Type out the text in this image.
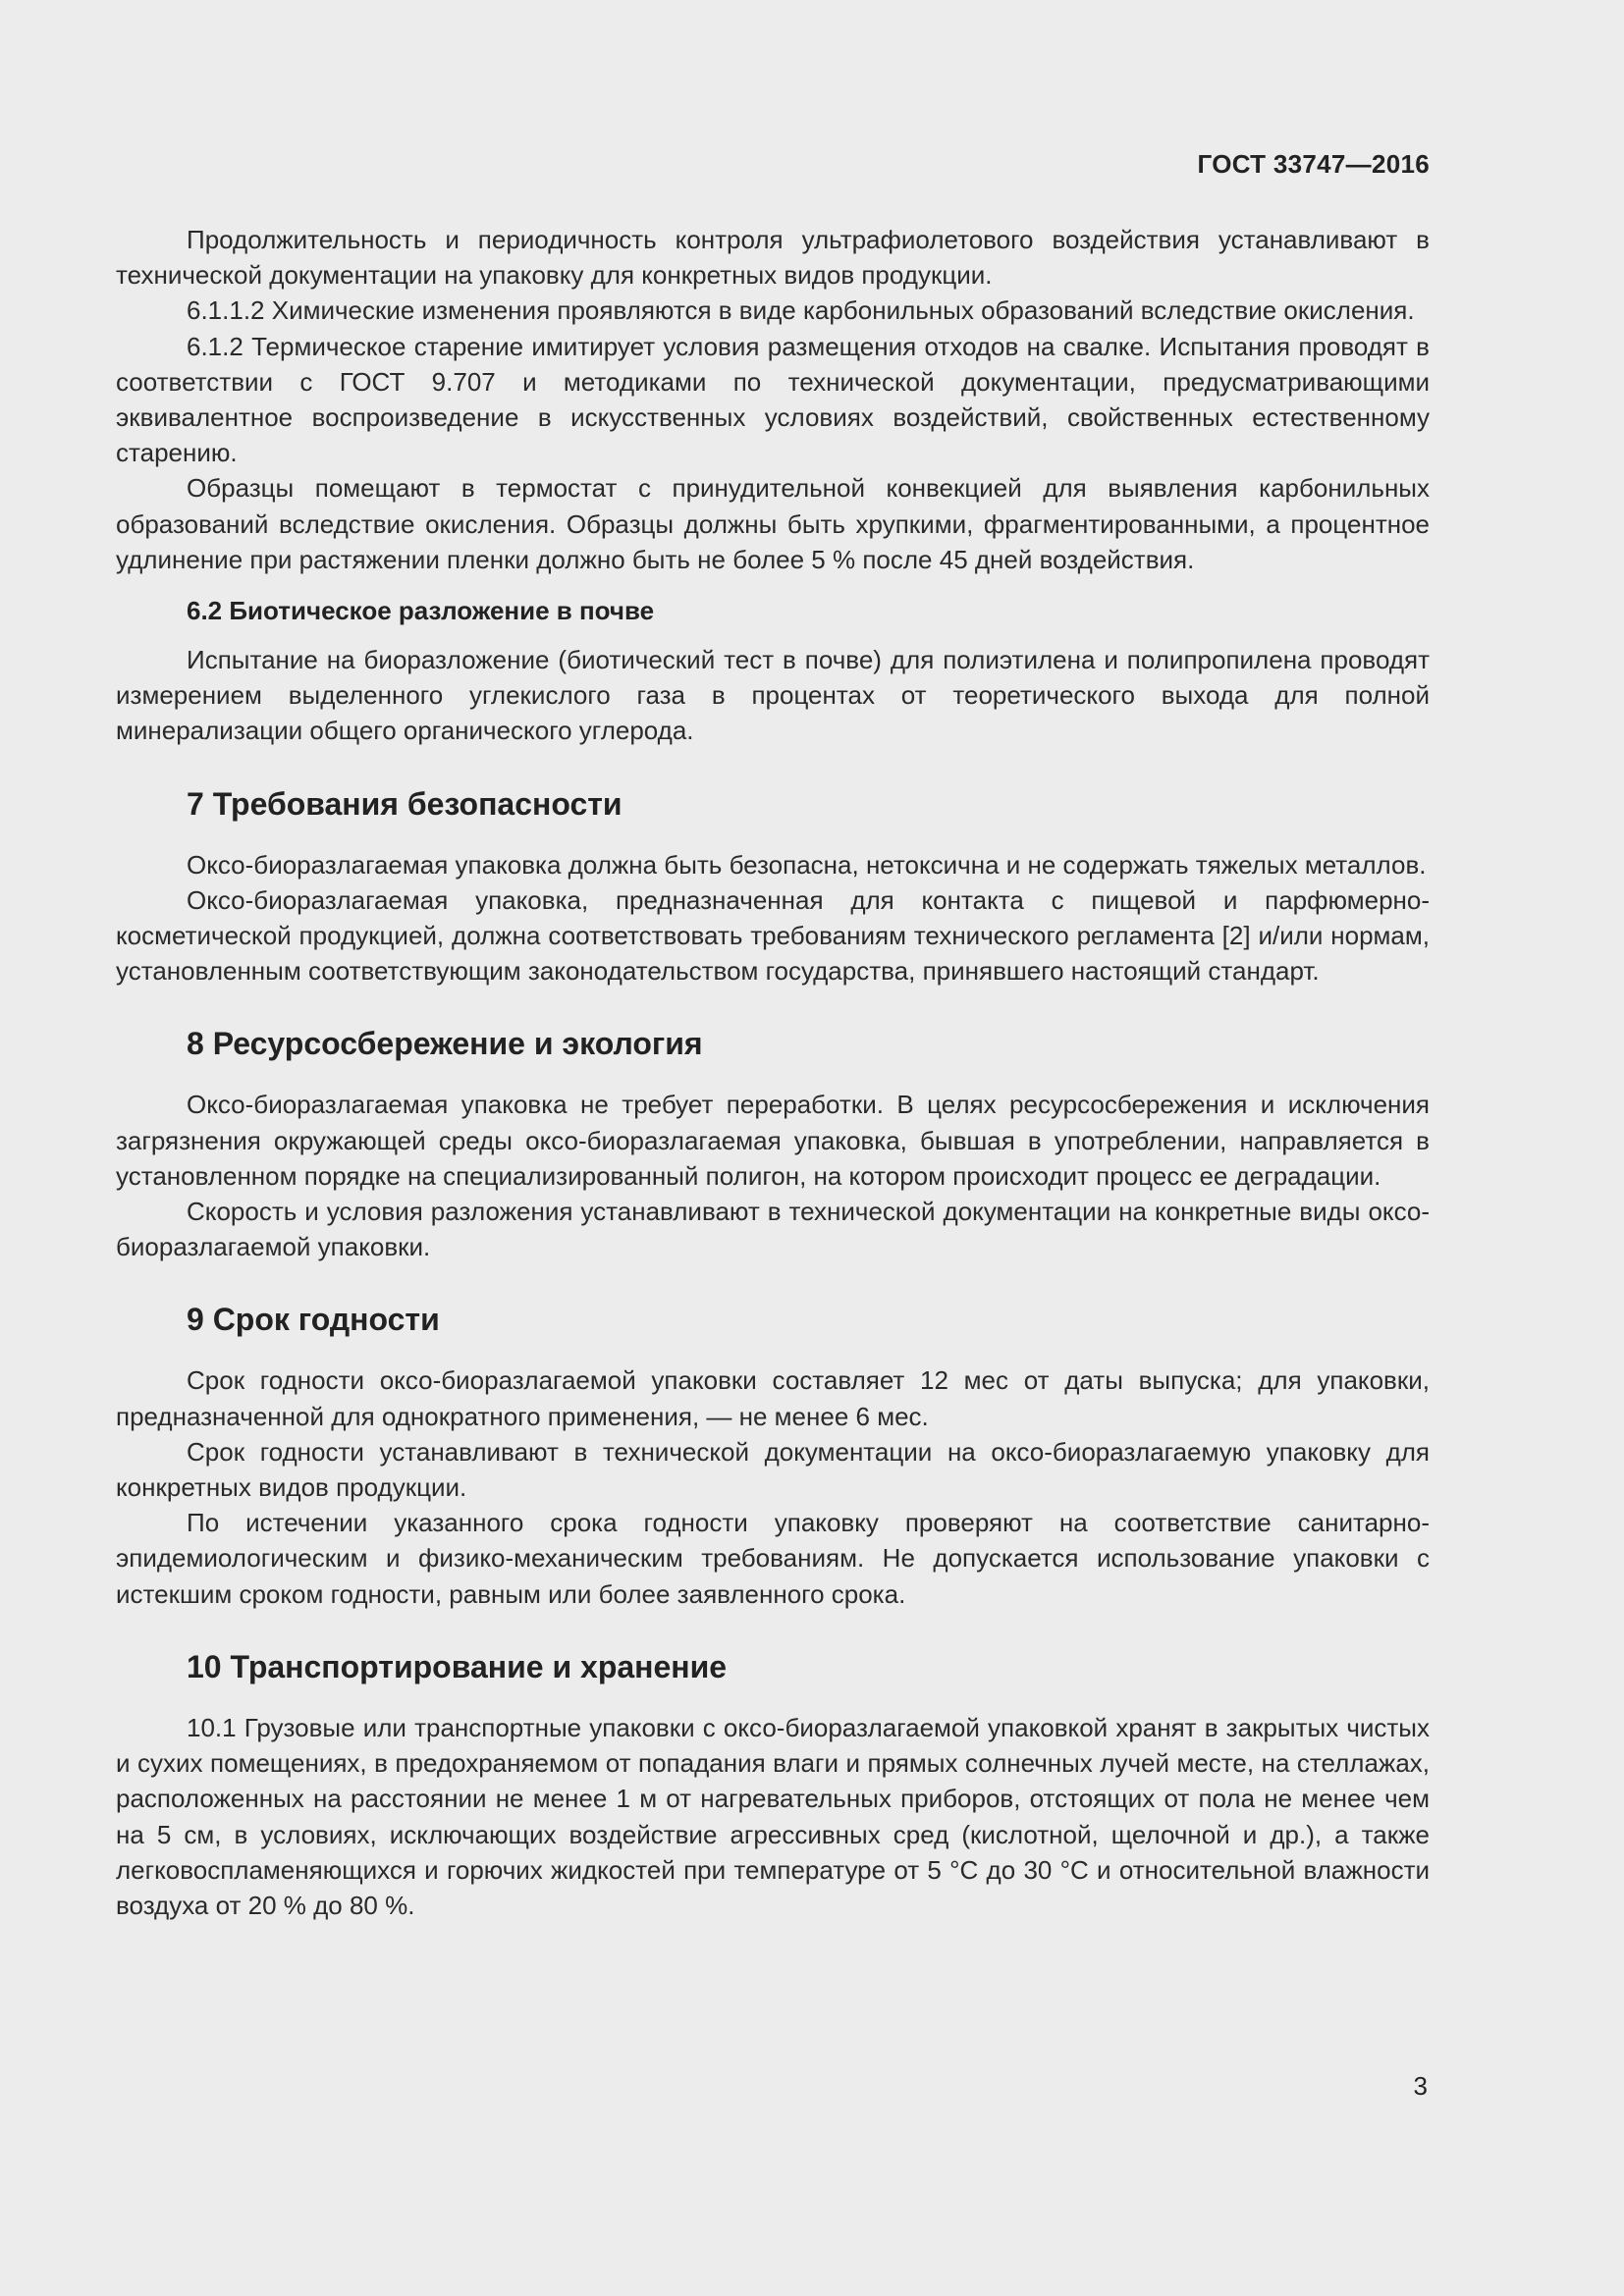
ГОСТ 33747—2016

Продолжительность и периодичность контроля ультрафиолетового воздействия устанавливают в технической документации на упаковку для конкретных видов продукции.

6.1.1.2 Химические изменения проявляются в виде карбонильных образований вследствие окисления.

6.1.2 Термическое старение имитирует условия размещения отходов на свалке. Испытания проводят в соответствии с ГОСТ 9.707 и методиками по технической документации, предусматривающими эквивалентное воспроизведение в искусственных условиях воздействий, свойственных естественному старению.

Образцы помещают в термостат с принудительной конвекцией для выявления карбонильных образований вследствие окисления. Образцы должны быть хрупкими, фрагментированными, а процентное удлинение при растяжении пленки должно быть не более 5 % после 45 дней воздействия.

6.2 Биотическое разложение в почве

Испытание на биоразложение (биотический тест в почве) для полиэтилена и полипропилена проводят измерением выделенного углекислого газа в процентах от теоретического выхода для полной минерализации общего органического углерода.

7 Требования безопасности

Оксо-биоразлагаемая упаковка должна быть безопасна, нетоксична и не содержать тяжелых металлов.

Оксо-биоразлагаемая упаковка, предназначенная для контакта с пищевой и парфюмерно-косметической продукцией, должна соответствовать требованиям технического регламента [2] и/или нормам, установленным соответствующим законодательством государства, принявшего настоящий стандарт.

8 Ресурсосбережение и экология

Оксо-биоразлагаемая упаковка не требует переработки. В целях ресурсосбережения и исключения загрязнения окружающей среды оксо-биоразлагаемая упаковка, бывшая в употреблении, направляется в установленном порядке на специализированный полигон, на котором происходит процесс ее деградации.

Скорость и условия разложения устанавливают в технической документации на конкретные виды оксо-биоразлагаемой упаковки.

9 Срок годности

Срок годности оксо-биоразлагаемой упаковки составляет 12 мес от даты выпуска; для упаковки, предназначенной для однократного применения, — не менее 6 мес.

Срок годности устанавливают в технической документации на оксо-биоразлагаемую упаковку для конкретных видов продукции.

По истечении указанного срока годности упаковку проверяют на соответствие санитарно-эпидемиологическим и физико-механическим требованиям. Не допускается использование упаковки с истекшим сроком годности, равным или более заявленного срока.

10 Транспортирование и хранение

10.1 Грузовые или транспортные упаковки с оксо-биоразлагаемой упаковкой хранят в закрытых чистых и сухих помещениях, в предохраняемом от попадания влаги и прямых солнечных лучей месте, на стеллажах, расположенных на расстоянии не менее 1 м от нагревательных приборов, отстоящих от пола не менее чем на 5 см, в условиях, исключающих воздействие агрессивных сред (кислотной, щелочной и др.), а также легковоспламеняющихся и горючих жидкостей при температуре от 5 °С до 30 °С и относительной влажности воздуха от 20 % до 80 %.

3
